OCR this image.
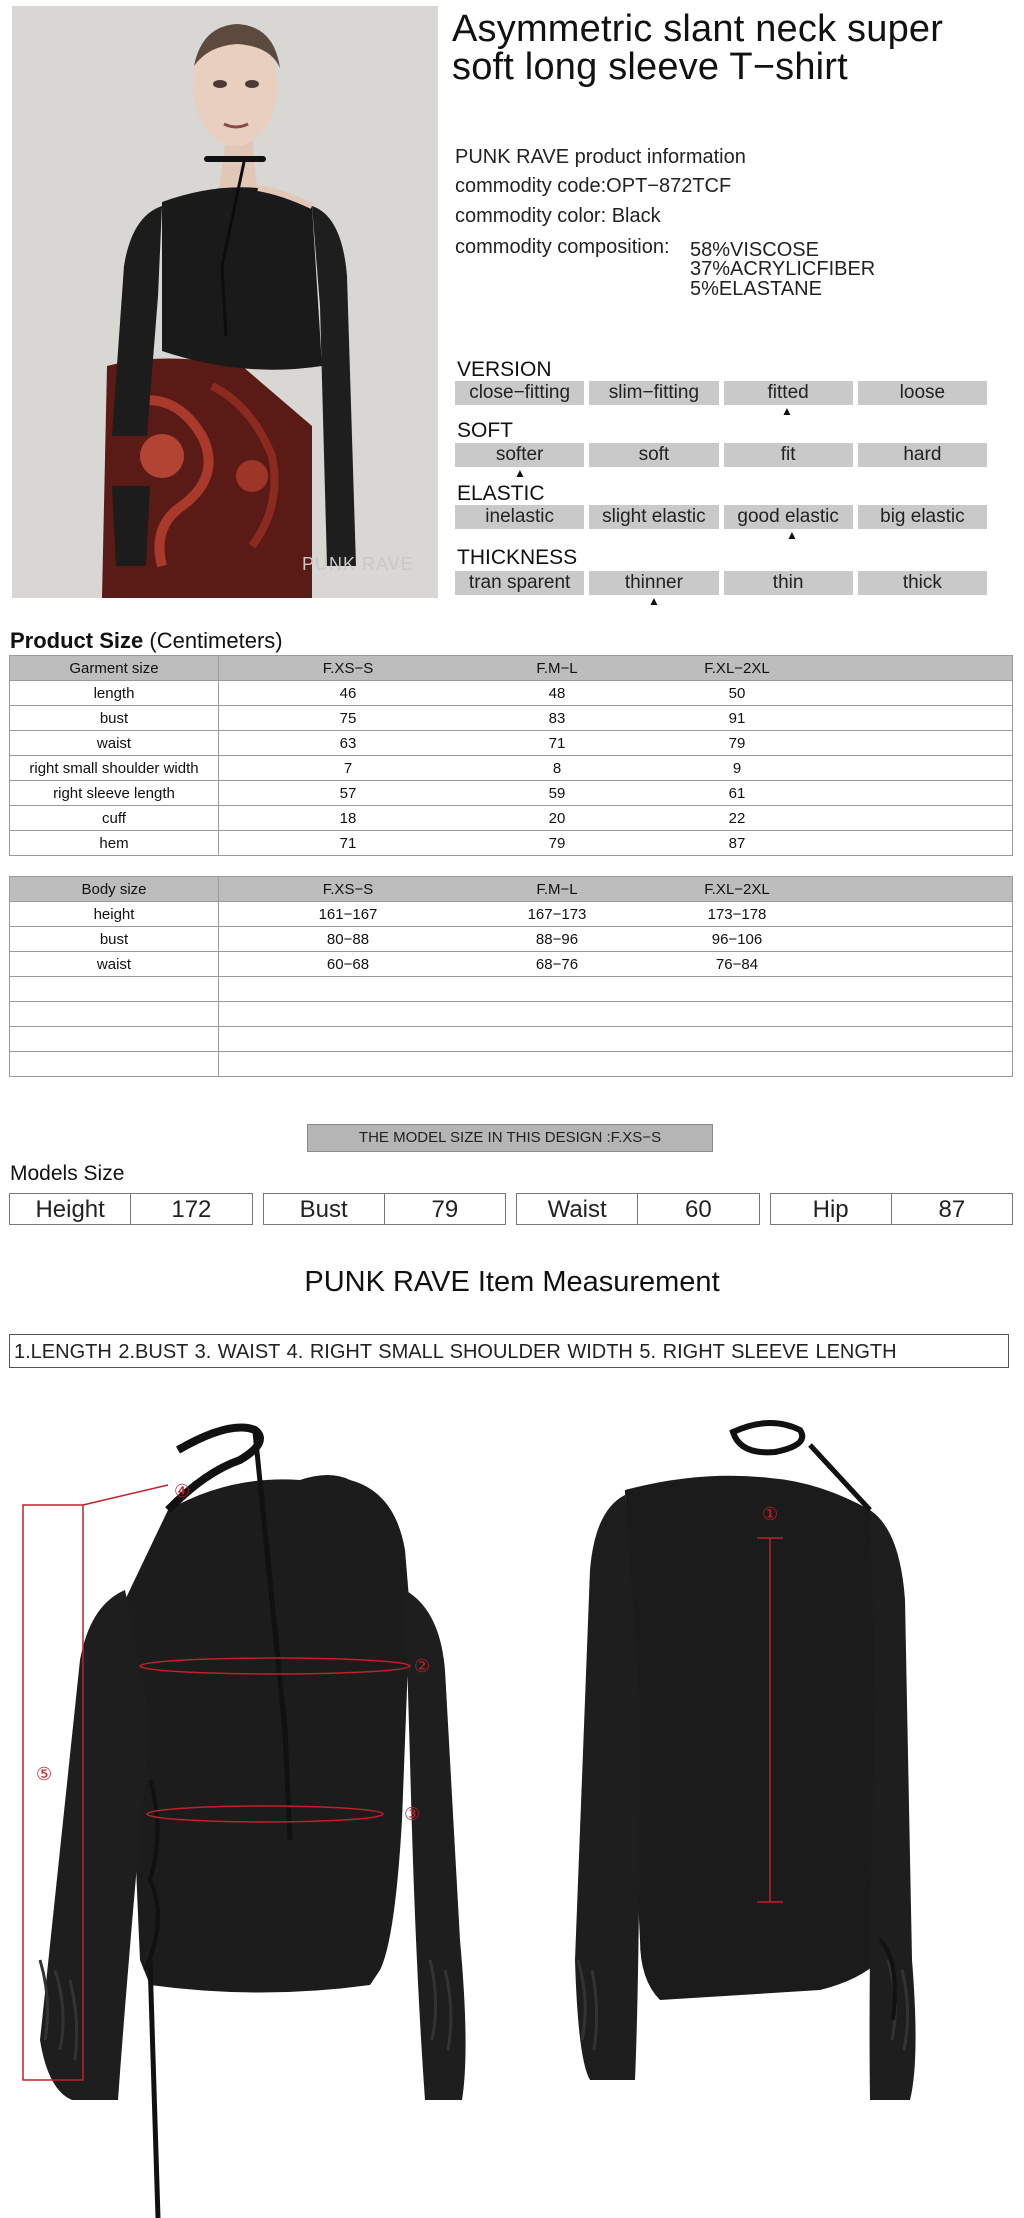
PUNK RAVE
Asymmetric slant neck super soft long sleeve T−shirt
PUNK RAVE product information
commodity code:OPT−872TCF
commodity color: Black
commodity composition: 58%VISCOSE
37%ACRYLICFIBER
5%ELASTANE
VERSION
close−fitting	slim−fitting	fitted	loose
▲
SOFT
softer	soft	fit	hard
▲
ELASTIC
inelastic	slight elastic	good elastic	big elastic
▲
THICKNESS
tran sparent	thinner	thin	thick
▲
Product Size (Centimeters)
Garment size	F.XS−S	F.M−L	F.XL−2XL	
length	46	48	50	
bust	75	83	91	
waist	63	71	79	
right small shoulder width	7	8	9	
right sleeve length	57	59	61	
cuff	18	20	22	
hem	71	79	87	
Body size	F.XS−S	F.M−L	F.XL−2XL	
height	161−167	167−173	173−178	
bust	80−88	88−96	96−106	
waist	60−68	68−76	76−84	

THE MODEL SIZE IN THIS DESIGN :F.XS−S
Models Size
Height	172	Bust	79	Waist	60	Hip	87
PUNK RAVE Item Measurement
1.LENGTH 2.BUST 3. WAIST 4. RIGHT SMALL SHOULDER WIDTH 5. RIGHT SLEEVE LENGTH
①
②
③
④
⑤
